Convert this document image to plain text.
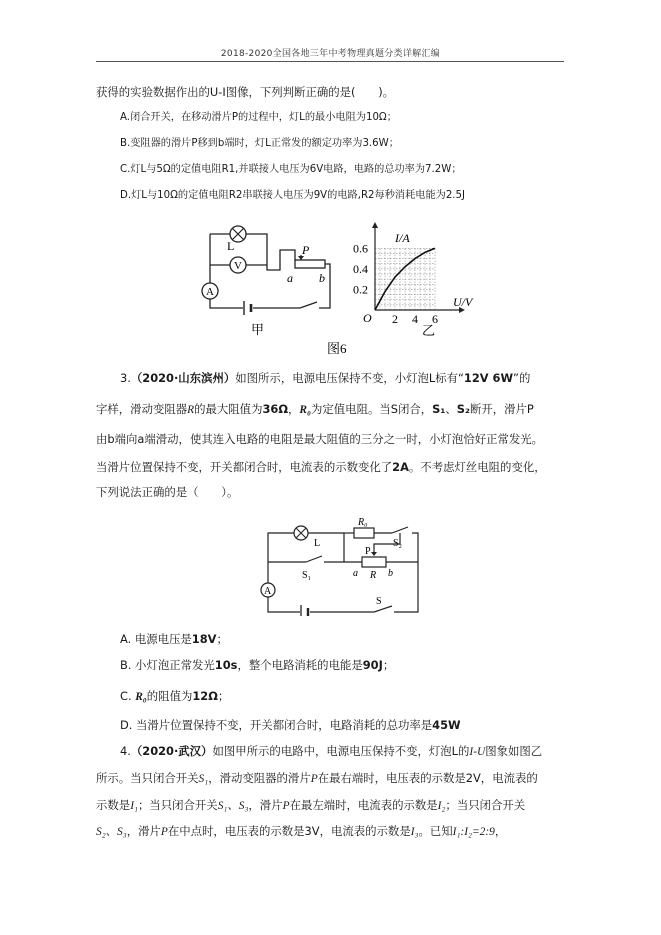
2018-2020全国各地三年中考物理真题分类详解汇编
获得的实验数据作出的U-I图像，下列判断正确的是(　　)。
A.闭合开关，在移动滑片P的过程中，灯L的最小电阻为10Ω；
B.变阻器的滑片P移到b端时，灯L正常发的额定功率为3.6W；
C.灯L与5Ω的定值电阻R1,并联接人电压为6V电路，电路的总功率为7.2W；
D.灯L与10Ω的定值电阻R2串联接人电压为9V的电路,R2每秒消耗电能为2.5J
L
V
A
P
a b
甲
0.2
0.4
0.6
2 4 6
I/A
U/V
O
乙
图6
3.（2020·山东滨州）如图所示，电源电压保持不变，小灯泡L标有“12V 6W”的
字样，滑动变阻器R的最大阻值为36Ω，R₀为定值电阻。当S闭合，S₁、S₂断开，滑片P
由b端向a端滑动，使其连入电路的电阻是最大阻值的三分之一时，小灯泡恰好正常发光。
当滑片位置保持不变，开关都闭合时，电流表的示数变化了2A。不考虑灯丝电阻的变化，
下列说法正确的是（　　）。
L
R₀
S₂
P
S₁	a R b
A
S
A. 电源电压是18V；
B. 小灯泡正常发光10s，整个电路消耗的电能是90J；
C. R₀的阻值为12Ω；
D. 当滑片位置保持不变，开关都闭合时，电路消耗的总功率是45W
4.（2020·武汉）如图甲所示的电路中，电源电压保持不变，灯泡L的I-U图象如图乙
所示。当只闭合开关S₁，滑动变阻器的滑片P在最右端时，电压表的示数是2V，电流表的
示数是I₁；当只闭合开关S₁、S₃，滑片P在最左端时，电流表的示数是I₂；当只闭合开关
S₂、S₃，滑片P在中点时，电压表的示数是3V，电流表的示数是I₃。已知I₁:I₂=2:9，
